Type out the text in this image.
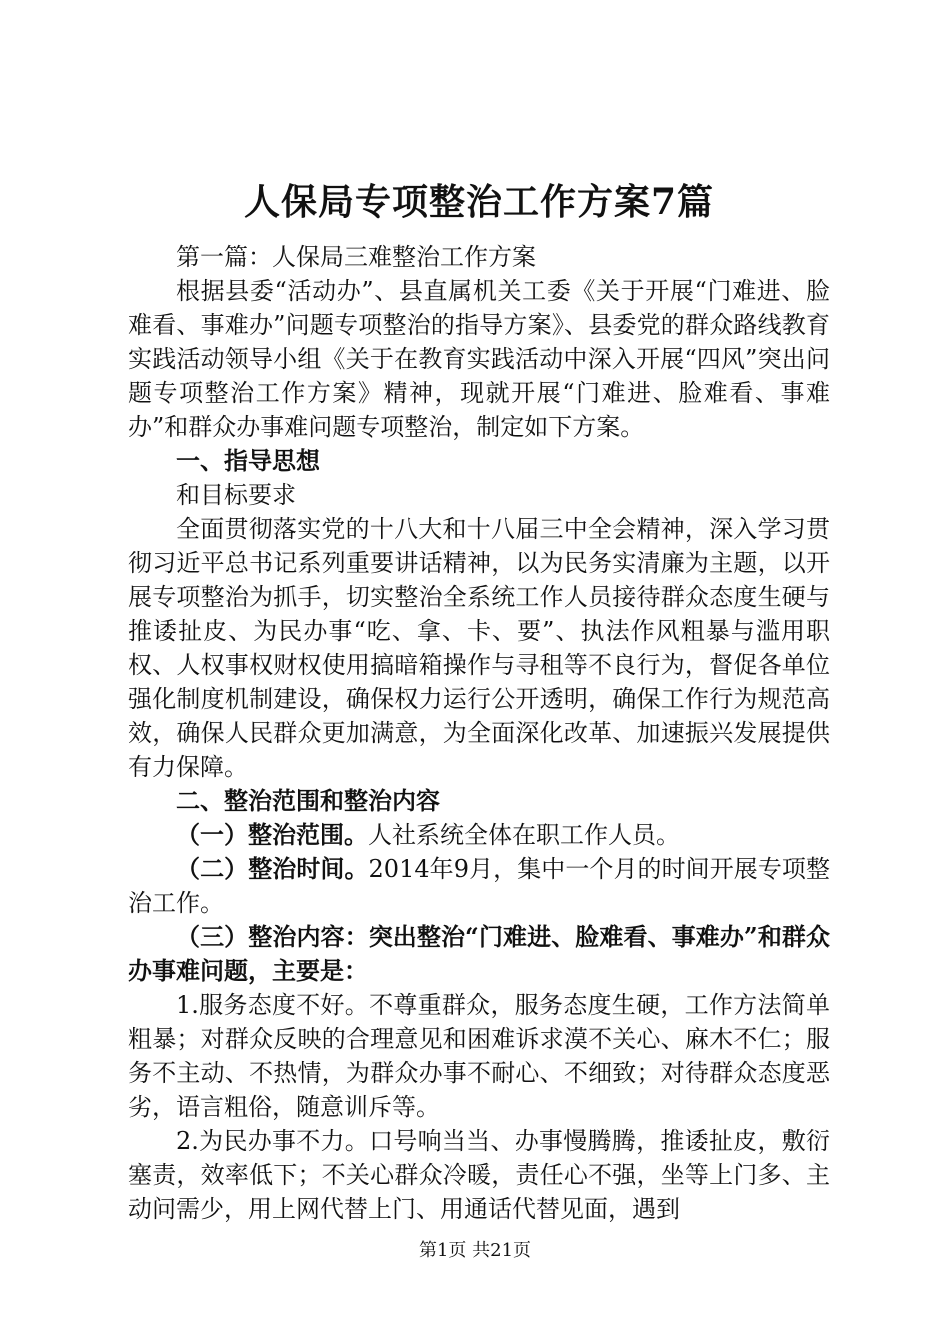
人保局专项整治工作方案7篇

第一篇：人保局三难整治工作方案

根据县委“活动办”、县直属机关工委《关于开展“门难进、脸难看、事难办”问题专项整治的指导方案》、县委党的群众路线教育实践活动领导小组《关于在教育实践活动中深入开展“四风”突出问题专项整治工作方案》精神，现就开展“门难进、脸难看、事难办”和群众办事难问题专项整治，制定如下方案。

一、指导思想

和目标要求

全面贯彻落实党的十八大和十八届三中全会精神，深入学习贯彻习近平总书记系列重要讲话精神，以为民务实清廉为主题，以开展专项整治为抓手，切实整治全系统工作人员接待群众态度生硬与推诿扯皮、为民办事“吃、拿、卡、要”、执法作风粗暴与滥用职权、人权事权财权使用搞暗箱操作与寻租等不良行为，督促各单位强化制度机制建设，确保权力运行公开透明，确保工作行为规范高效，确保人民群众更加满意，为全面深化改革、加速振兴发展提供有力保障。

二、整治范围和整治内容

（一）整治范围。人社系统全体在职工作人员。

（二）整治时间。2014年9月，集中一个月的时间开展专项整治工作。

（三）整治内容：突出整治“门难进、脸难看、事难办”和群众办事难问题，主要是：

1.服务态度不好。不尊重群众，服务态度生硬，工作方法简单粗暴；对群众反映的合理意见和困难诉求漠不关心、麻木不仁；服务不主动、不热情，为群众办事不耐心、不细致；对待群众态度恶劣，语言粗俗，随意训斥等。

2.为民办事不力。口号响当当、办事慢腾腾，推诿扯皮，敷衍塞责，效率低下；不关心群众冷暖，责任心不强，坐等上门多、主动问需少，用上网代替上门、用通话代替见面，遇到

第1页 共21页
